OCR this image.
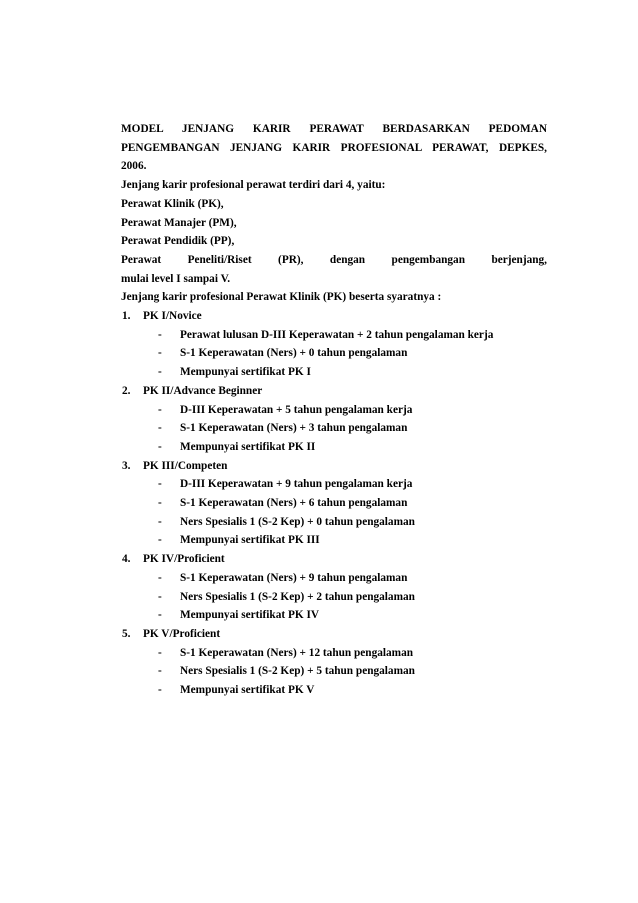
MODEL JENJANG KARIR PERAWAT BERDASARKAN PEDOMAN
PENGEMBANGAN JENJANG KARIR PROFESIONAL PERAWAT, DEPKES,
2006.
Jenjang karir profesional perawat terdiri dari 4, yaitu:
Perawat Klinik (PK),
Perawat Manajer (PM),
Perawat Pendidik (PP),
Perawat Peneliti/Riset (PR), dengan pengembangan berjenjang,
mulai level I sampai V.
Jenjang karir profesional Perawat Klinik (PK) beserta syaratnya :
1.	PK I/Novice
-	Perawat lulusan D-III Keperawatan + 2 tahun pengalaman kerja
-	S-1 Keperawatan (Ners) + 0 tahun pengalaman
-	Mempunyai sertifikat PK I
2.	PK II/Advance Beginner
-	D-III Keperawatan + 5 tahun pengalaman kerja
-	S-1 Keperawatan (Ners) + 3 tahun pengalaman
-	Mempunyai sertifikat PK II
3.	PK III/Competen
-	D-III Keperawatan + 9 tahun pengalaman kerja
-	S-1 Keperawatan (Ners) + 6 tahun pengalaman
-	Ners Spesialis 1 (S-2 Kep) + 0 tahun pengalaman
-	Mempunyai sertifikat PK III
4.	PK IV/Proficient
-	S-1 Keperawatan (Ners) + 9 tahun pengalaman
-	Ners Spesialis 1 (S-2 Kep) + 2 tahun pengalaman
-	Mempunyai sertifikat PK IV
5.	PK V/Proficient
-	S-1 Keperawatan (Ners) + 12 tahun pengalaman
-	Ners Spesialis 1 (S-2 Kep) + 5 tahun pengalaman
-	Mempunyai sertifikat PK V
